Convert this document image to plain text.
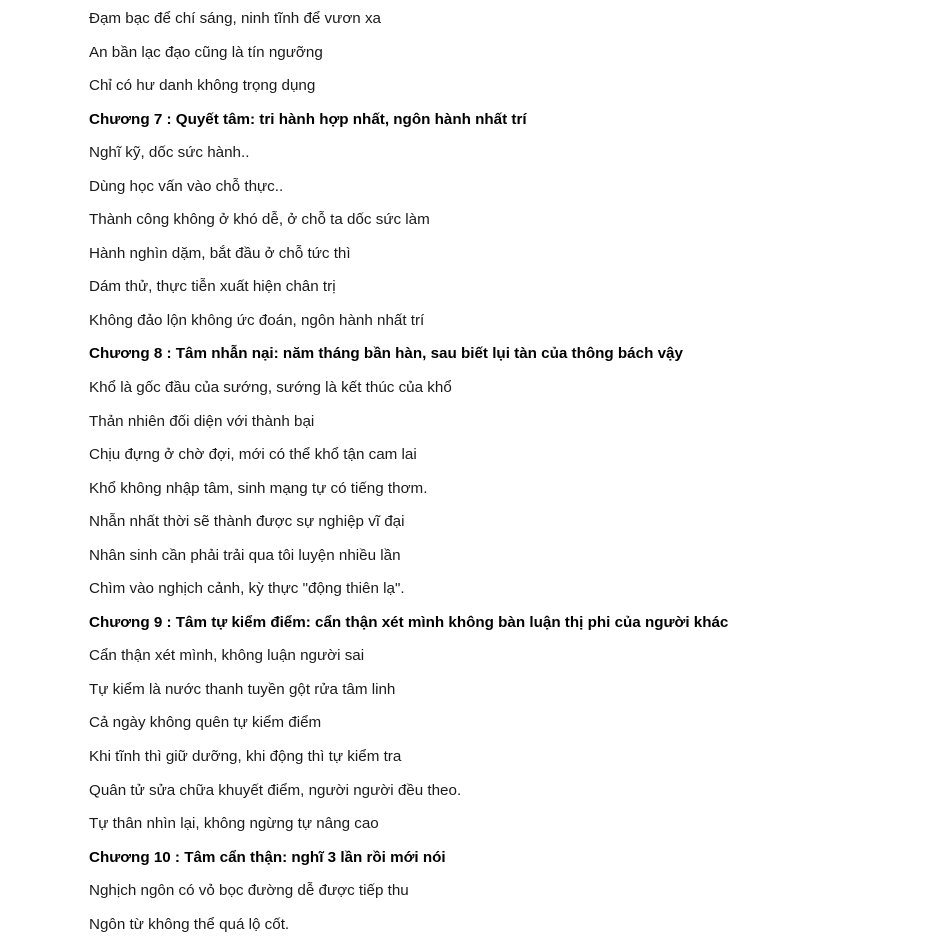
Đạm bạc để chí sáng, ninh tĩnh để vươn xa
An bần lạc đạo cũng là tín ngưỡng
Chỉ có hư danh không trọng dụng
Chương 7 : Quyết tâm: tri hành hợp nhất, ngôn hành nhất trí
Nghĩ kỹ, dốc sức hành..
Dùng học vấn vào chỗ thực..
Thành công không ở khó dễ, ở chỗ ta dốc sức làm
Hành nghìn dặm, bắt đầu ở chỗ tức thì
Dám thử, thực tiễn xuất hiện chân trị
Không đảo lộn không ức đoán, ngôn hành nhất trí
Chương 8 : Tâm nhẫn nại: năm tháng bần hàn, sau biết lụi tàn của thông bách vậy
Khổ là gốc đầu của sướng, sướng là kết thúc của khổ
Thản nhiên đối diện với thành bại
Chịu đựng ở chờ đợi, mới có thể khổ tận cam lai
Khổ không nhập tâm, sinh mạng tự có tiếng thơm.
Nhẫn nhất thời sẽ thành được sự nghiệp vĩ đại
Nhân sinh cần phải trải qua tôi luyện nhiều lần
Chìm vào nghịch cảnh, kỳ thực "động thiên lạ".
Chương 9 : Tâm tự kiểm điểm: cẩn thận xét mình không bàn luận thị phi của người khác
Cẩn thận xét mình, không luận người sai
Tự kiểm là nước thanh tuyền gột rửa tâm linh
Cả ngày không quên tự kiểm điểm
Khi tĩnh thì giữ dưỡng, khi động thì tự kiểm tra
Quân tử sửa chữa khuyết điểm, người người đều theo.
Tự thân nhìn lại, không ngừng tự nâng cao
Chương 10 : Tâm cẩn thận: nghĩ 3 lần rồi mới nói
Nghịch ngôn có vỏ bọc đường dễ được tiếp thu
Ngôn từ không thể quá lộ cốt.
